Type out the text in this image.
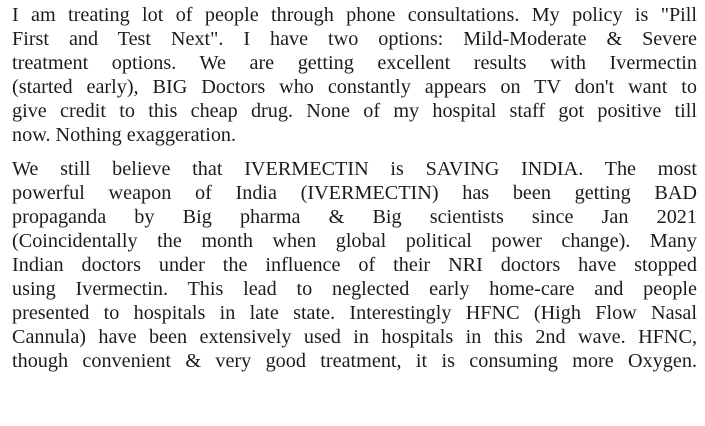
I am treating lot of people through phone consultations. My policy is "Pill
First and Test Next". I have two options: Mild-Moderate & Severe
treatment options. We are getting excellent results with Ivermectin
(started early), BIG Doctors who constantly appears on TV don't want to
give credit to this cheap drug. None of my hospital staff got positive till
now. Nothing exaggeration.

We still believe that IVERMECTIN is SAVING INDIA. The most
powerful weapon of India (IVERMECTIN) has been getting BAD
propaganda by Big pharma & Big scientists since Jan 2021
(Coincidentally the month when global political power change). Many
Indian doctors under the influence of their NRI doctors have stopped
using Ivermectin. This lead to neglected early home-care and people
presented to hospitals in late state. Interestingly HFNC (High Flow Nasal
Cannula) have been extensively used in hospitals in this 2nd wave. HFNC,
though convenient & very good treatment, it is consuming more Oxygen.
